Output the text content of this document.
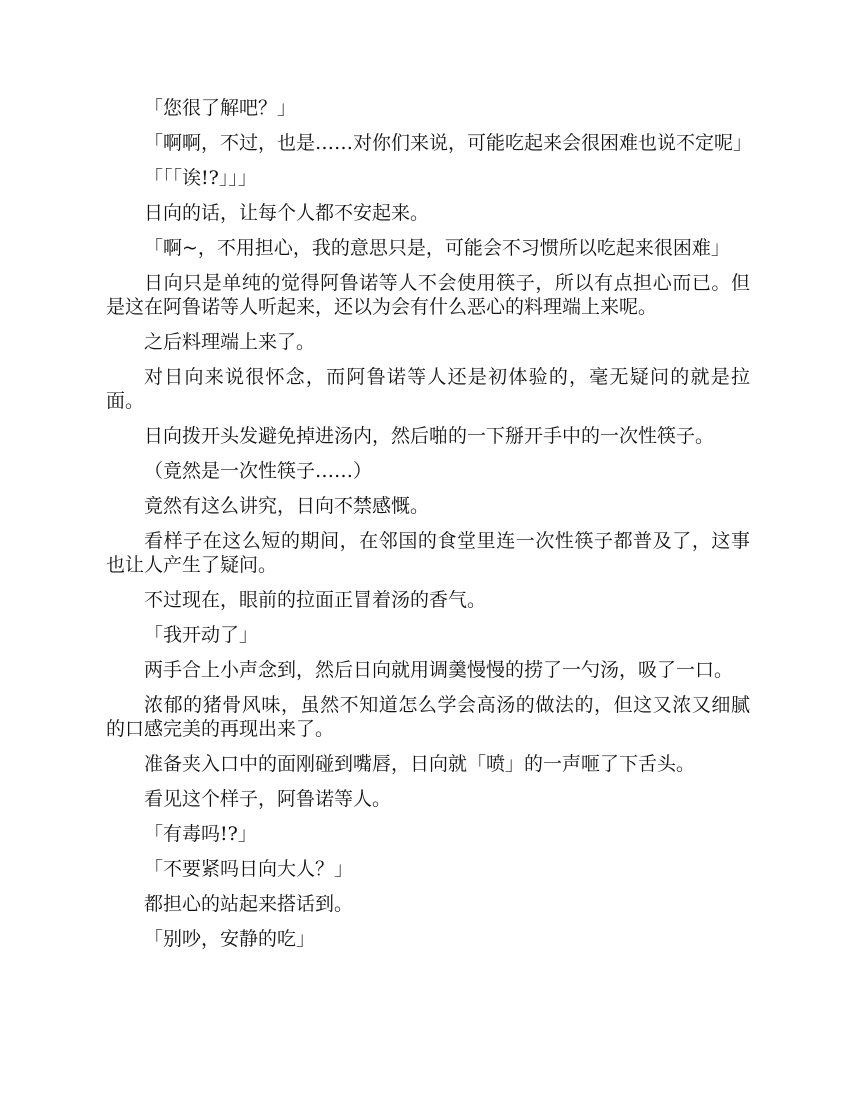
「您很了解吧？」

「啊啊，不过，也是……对你们来说，可能吃起来会很困难也说不定呢」

「「「诶!?」」」

日向的话，让每个人都不安起来。

「啊~，不用担心，我的意思只是，可能会不习惯所以吃起来很困难」

日向只是单纯的觉得阿鲁诺等人不会使用筷子，所以有点担心而已。但是这在阿鲁诺等人听起来，还以为会有什么恶心的料理端上来呢。

之后料理端上来了。

对日向来说很怀念，而阿鲁诺等人还是初体验的，毫无疑问的就是拉面。

日向拨开头发避免掉进汤内，然后啪的一下掰开手中的一次性筷子。

（竟然是一次性筷子……）

竟然有这么讲究，日向不禁感慨。

看样子在这么短的期间，在邻国的食堂里连一次性筷子都普及了，这事也让人产生了疑问。

不过现在，眼前的拉面正冒着汤的香气。

「我开动了」

两手合上小声念到，然后日向就用调羹慢慢的捞了一勺汤，吸了一口。

浓郁的猪骨风味，虽然不知道怎么学会高汤的做法的，但这又浓又细腻的口感完美的再现出来了。

准备夹入口中的面刚碰到嘴唇，日向就「喷」的一声咂了下舌头。

看见这个样子，阿鲁诺等人。

「有毒吗!?」

「不要紧吗日向大人？」

都担心的站起来搭话到。

「别吵，安静的吃」
